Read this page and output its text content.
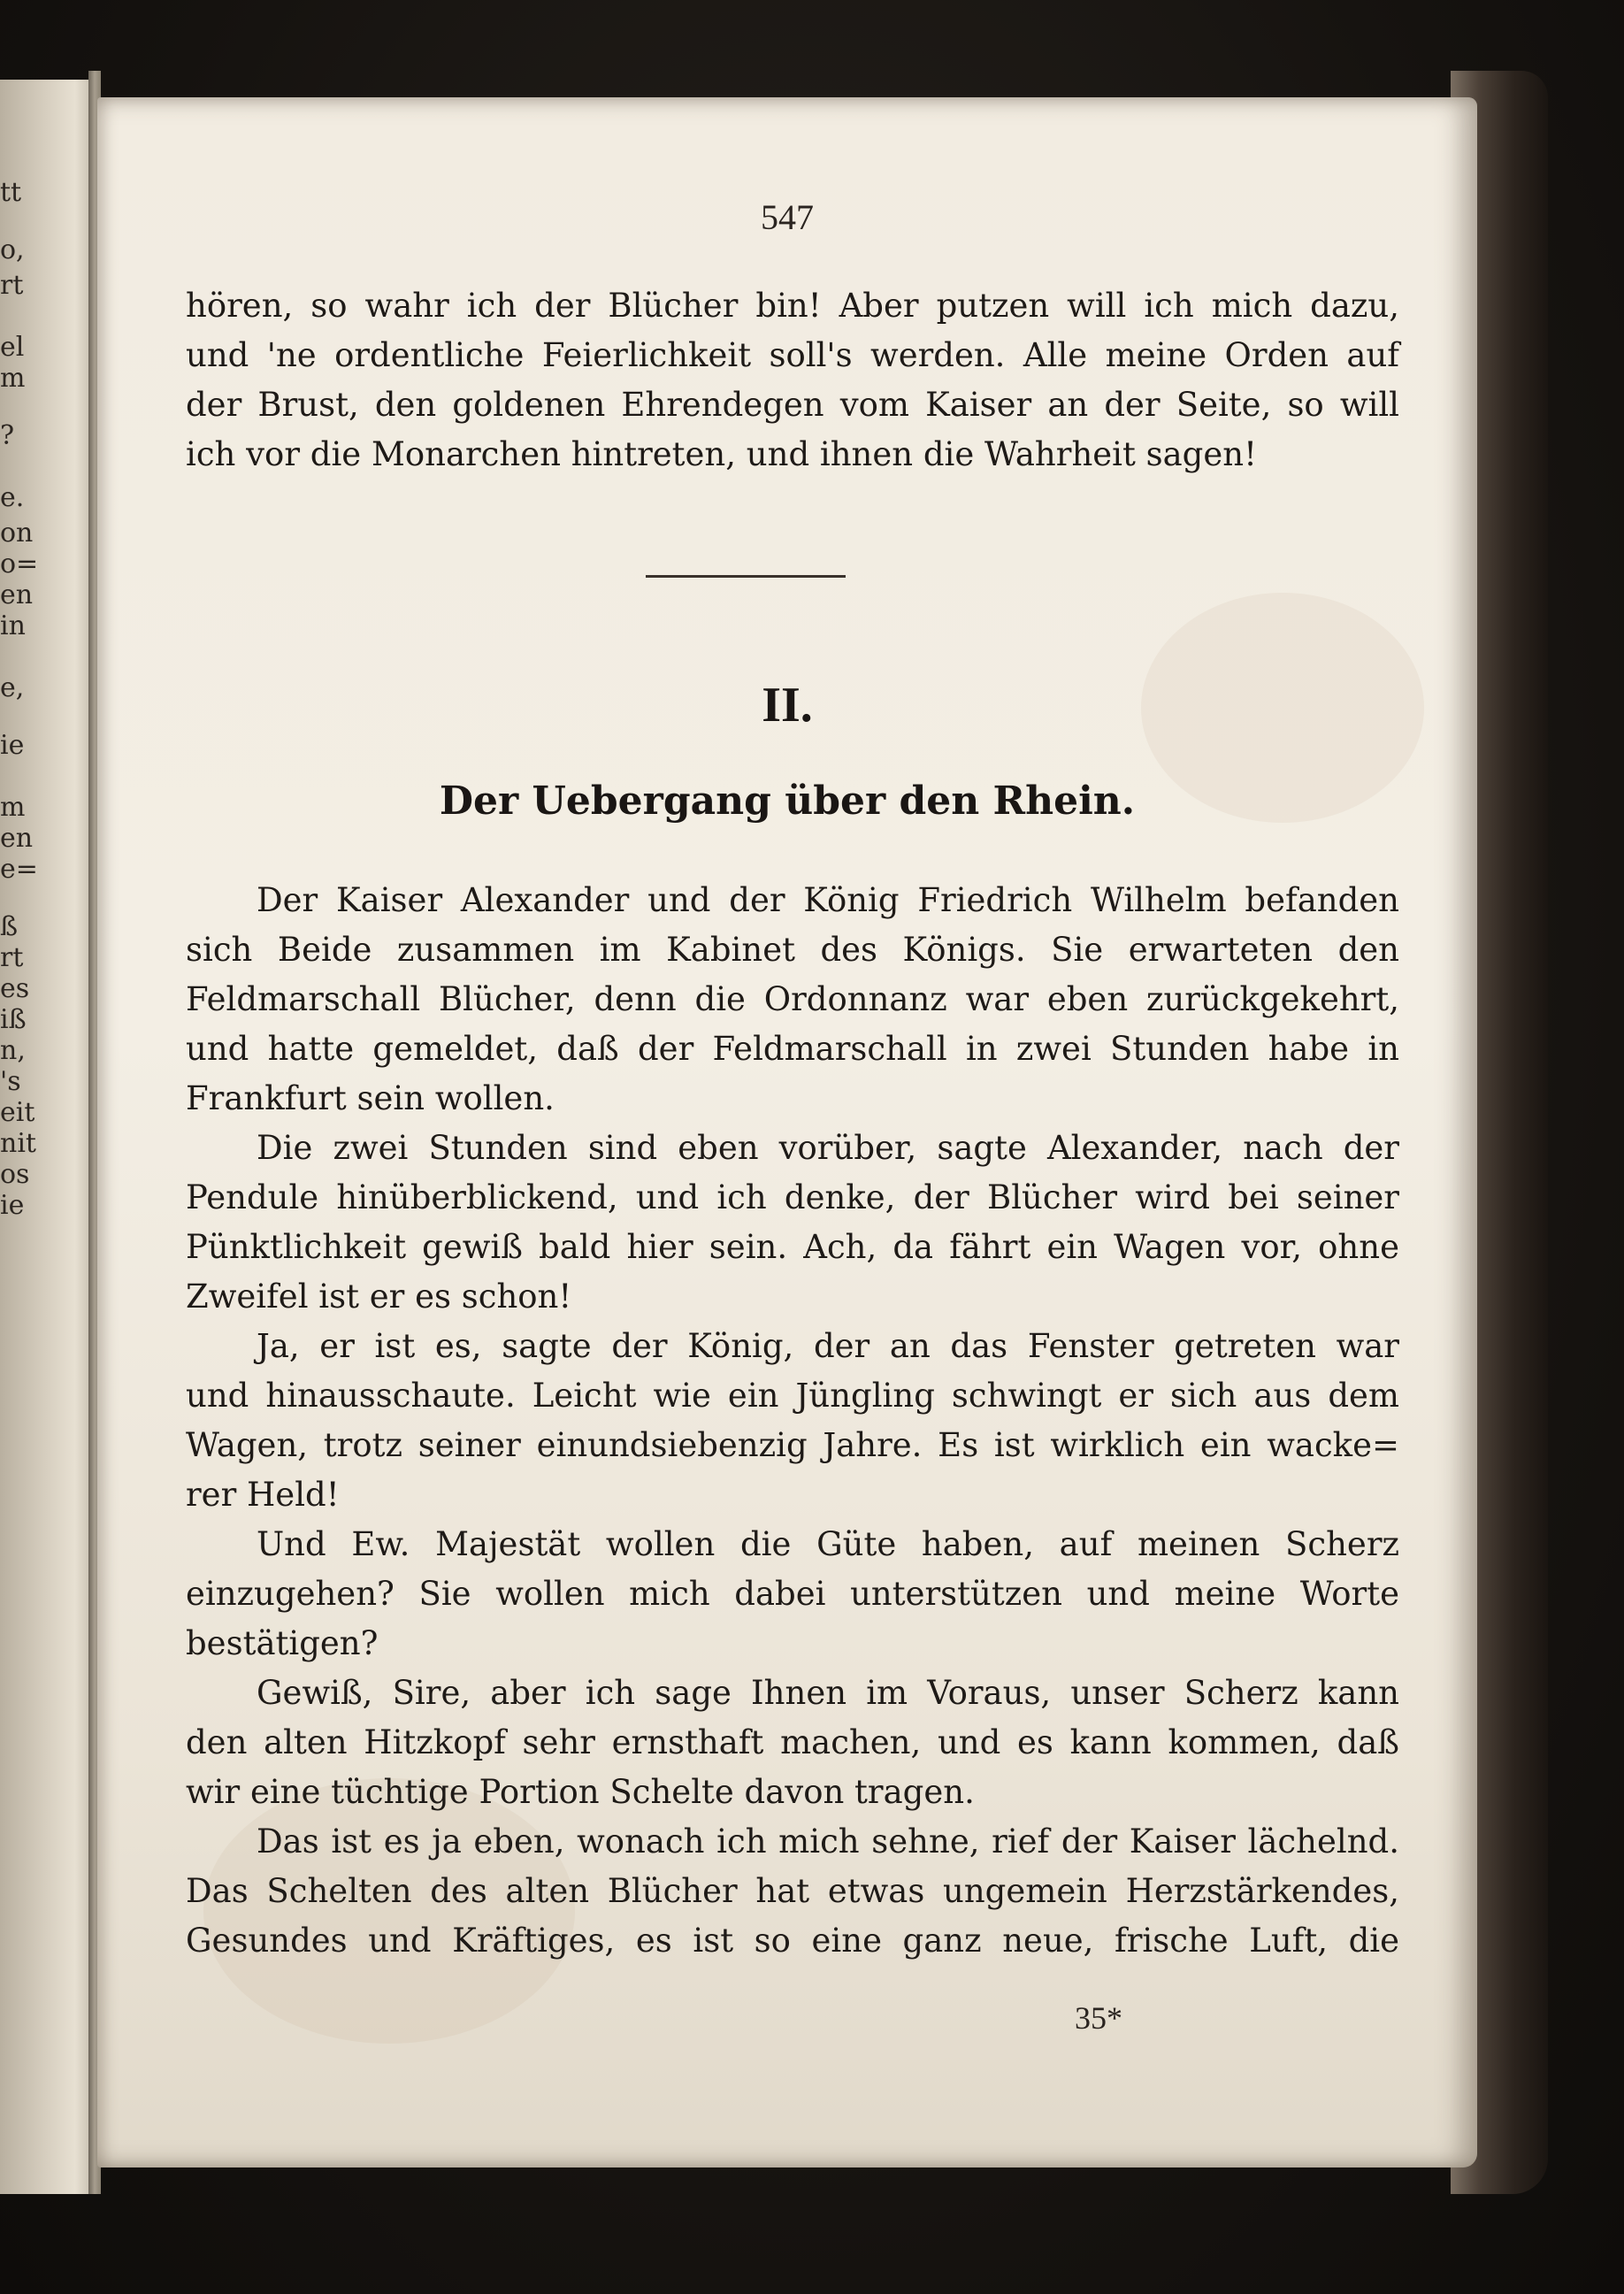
tt
o,
rt
el
m
?
e.
on
o=
en
in
e,
ie
m
en
e=
ß
rt
es
iß
n,
's
eit
nit
os
ie
547

hören, so wahr ich der Blücher bin! Aber putzen will ich mich dazu,

und 'ne ordentliche Feierlichkeit soll's werden. Alle meine Orden auf

der Brust, den goldenen Ehrendegen vom Kaiser an der Seite, so will

ich vor die Monarchen hintreten, und ihnen die Wahrheit sagen!

II.
Der Uebergang über den Rhein.

Der Kaiser Alexander und der König Friedrich Wilhelm befanden
sich Beide zusammen im Kabinet des Königs. Sie erwarteten den
Feldmarschall Blücher, denn die Ordonnanz war eben zurückgekehrt,
und hatte gemeldet, daß der Feldmarschall in zwei Stunden habe in
Frankfurt sein wollen.

Die zwei Stunden sind eben vorüber, sagte Alexander, nach der
Pendule hinüberblickend, und ich denke, der Blücher wird bei seiner
Pünktlichkeit gewiß bald hier sein. Ach, da fährt ein Wagen vor, ohne
Zweifel ist er es schon!

Ja, er ist es, sagte der König, der an das Fenster getreten war
und hinausschaute. Leicht wie ein Jüngling schwingt er sich aus dem
Wagen, trotz seiner einundsiebenzig Jahre. Es ist wirklich ein wacke=
rer Held!

Und Ew. Majestät wollen die Güte haben, auf meinen Scherz
einzugehen? Sie wollen mich dabei unterstützen und meine Worte
bestätigen?

Gewiß, Sire, aber ich sage Ihnen im Voraus, unser Scherz kann
den alten Hitzkopf sehr ernsthaft machen, und es kann kommen, daß
wir eine tüchtige Portion Schelte davon tragen.

Das ist es ja eben, wonach ich mich sehne, rief der Kaiser lächelnd.
Das Schelten des alten Blücher hat etwas ungemein Herzstärkendes,
Gesundes und Kräftiges, es ist so eine ganz neue, frische Luft, die

35*
